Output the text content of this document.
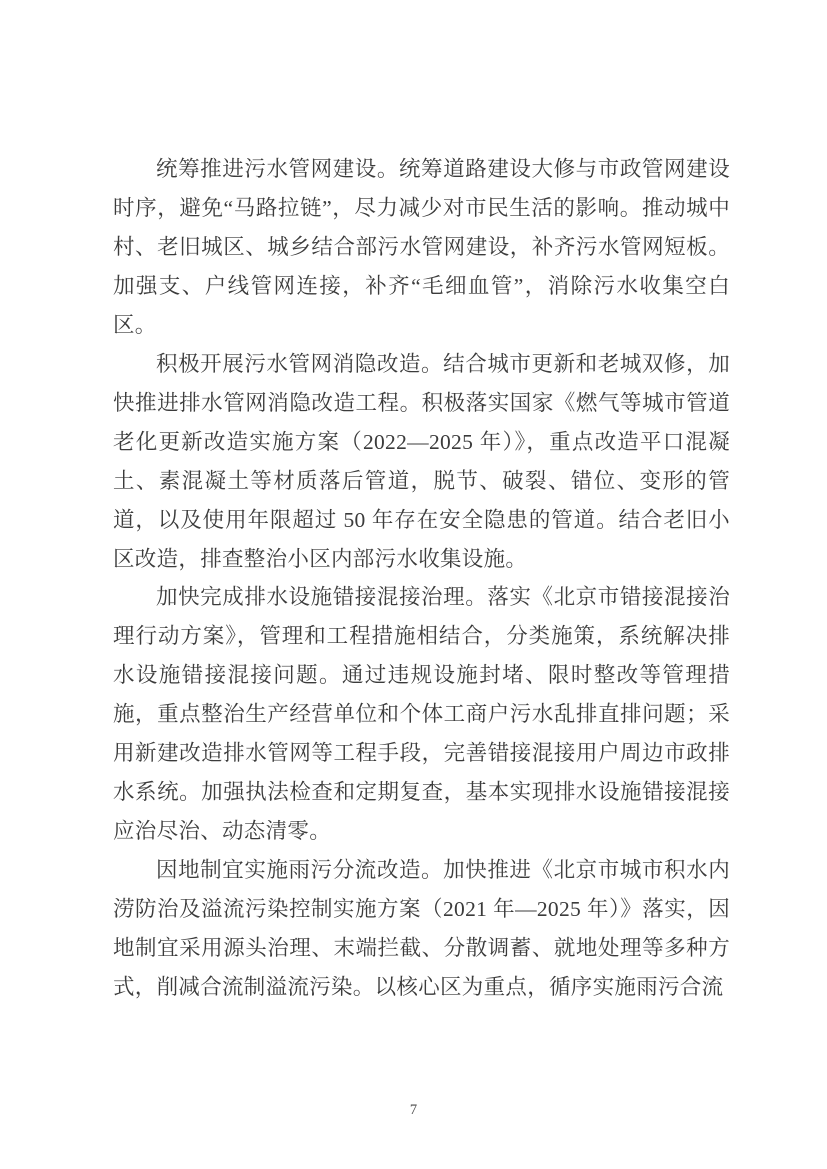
统筹推进污水管网建设。统筹道路建设大修与市政管网建设时序，避免“马路拉链”，尽力减少对市民生活的影响。推动城中村、老旧城区、城乡结合部污水管网建设，补齐污水管网短板。加强支、户线管网连接，补齐“毛细血管”，消除污水收集空白区。

积极开展污水管网消隐改造。结合城市更新和老城双修，加快推进排水管网消隐改造工程。积极落实国家《燃气等城市管道老化更新改造实施方案（2022—2025 年）》，重点改造平口混凝土、素混凝土等材质落后管道，脱节、破裂、错位、变形的管道，以及使用年限超过 50 年存在安全隐患的管道。结合老旧小区改造，排查整治小区内部污水收集设施。

加快完成排水设施错接混接治理。落实《北京市错接混接治理行动方案》，管理和工程措施相结合，分类施策，系统解决排水设施错接混接问题。通过违规设施封堵、限时整改等管理措施，重点整治生产经营单位和个体工商户污水乱排直排问题；采用新建改造排水管网等工程手段，完善错接混接用户周边市政排水系统。加强执法检查和定期复查，基本实现排水设施错接混接应治尽治、动态清零。

因地制宜实施雨污分流改造。加快推进《北京市城市积水内涝防治及溢流污染控制实施方案（2021 年—2025 年）》落实，因地制宜采用源头治理、末端拦截、分散调蓄、就地处理等多种方式，削减合流制溢流污染。以核心区为重点，循序实施雨污合流

7
